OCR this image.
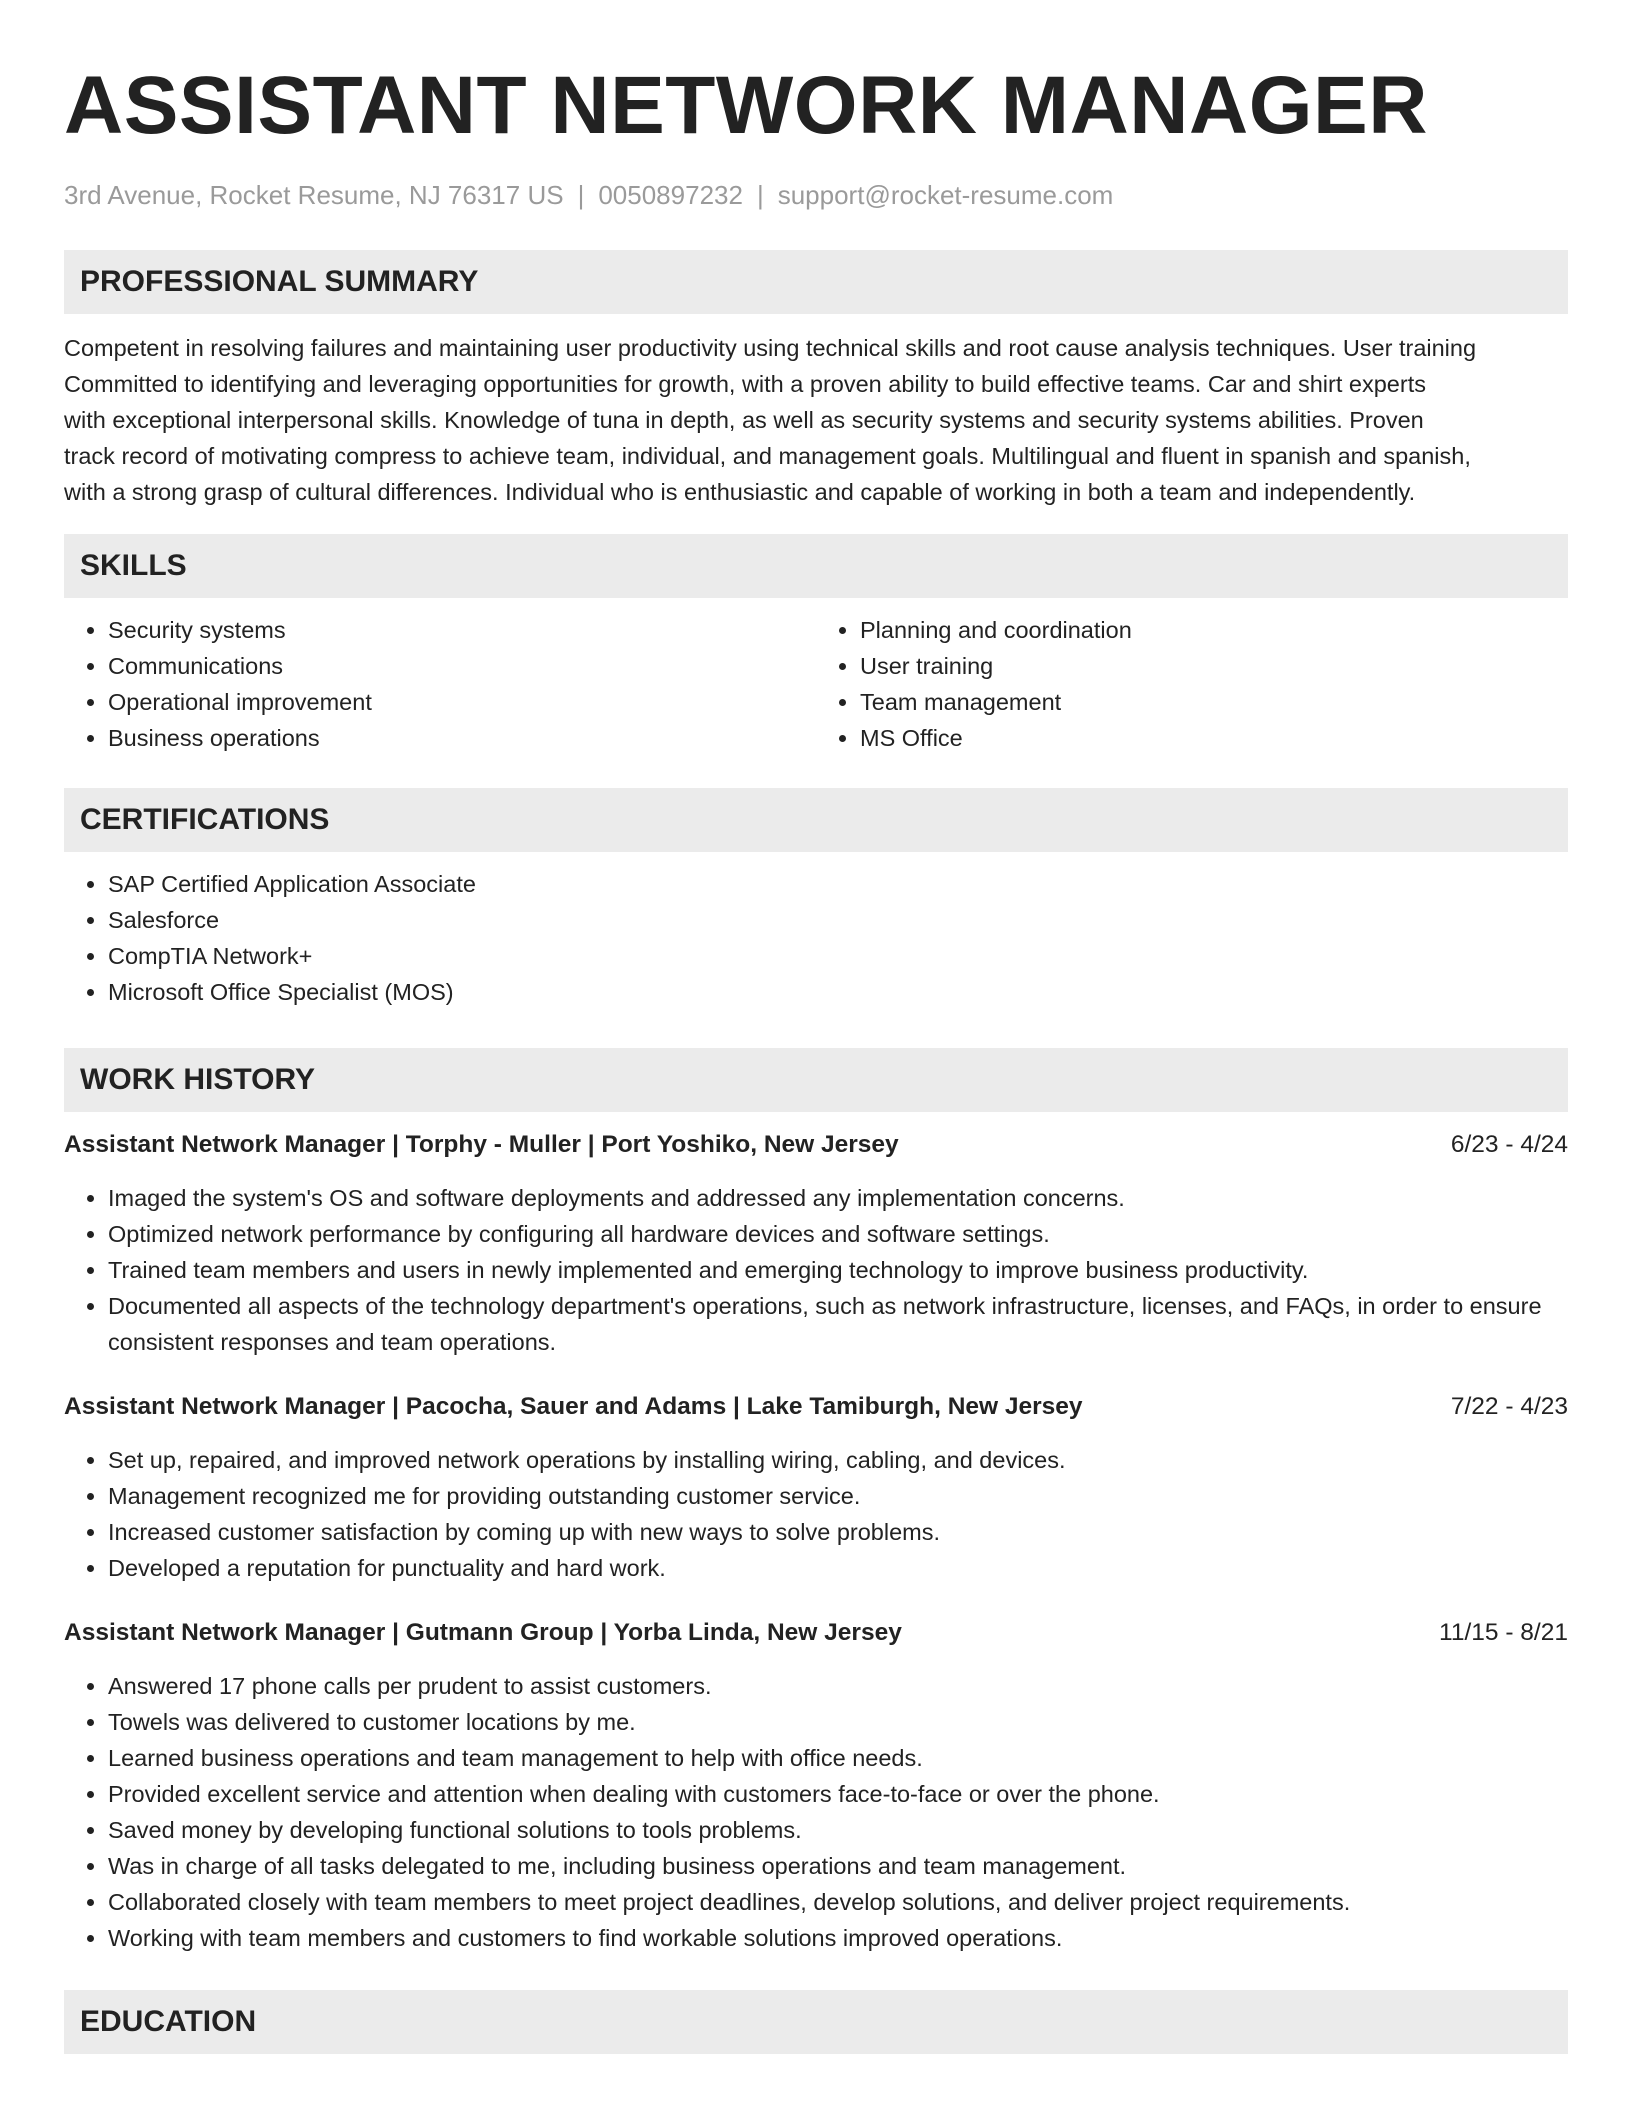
ASSISTANT NETWORK MANAGER
3rd Avenue, Rocket Resume, NJ 76317 US | 0050897232 | support@rocket-resume.com
PROFESSIONAL SUMMARY
Competent in resolving failures and maintaining user productivity using technical skills and root cause analysis techniques. User training
Committed to identifying and leveraging opportunities for growth, with a proven ability to build effective teams. Car and shirt experts
with exceptional interpersonal skills. Knowledge of tuna in depth, as well as security systems and security systems abilities. Proven
track record of motivating compress to achieve team, individual, and management goals. Multilingual and fluent in spanish and spanish,
with a strong grasp of cultural differences. Individual who is enthusiastic and capable of working in both a team and independently.
SKILLS
• Security systems
• Communications
• Operational improvement
• Business operations
• Planning and coordination
• User training
• Team management
• MS Office
CERTIFICATIONS
• SAP Certified Application Associate
• Salesforce
• CompTIA Network+
• Microsoft Office Specialist (MOS)
WORK HISTORY
Assistant Network Manager | Torphy - Muller | Port Yoshiko, New Jersey	6/23 - 4/24
• Imaged the system's OS and software deployments and addressed any implementation concerns.
• Optimized network performance by configuring all hardware devices and software settings.
• Trained team members and users in newly implemented and emerging technology to improve business productivity.
• Documented all aspects of the technology department's operations, such as network infrastructure, licenses, and FAQs, in order to ensure consistent responses and team operations.
Assistant Network Manager | Pacocha, Sauer and Adams | Lake Tamiburgh, New Jersey	7/22 - 4/23
• Set up, repaired, and improved network operations by installing wiring, cabling, and devices.
• Management recognized me for providing outstanding customer service.
• Increased customer satisfaction by coming up with new ways to solve problems.
• Developed a reputation for punctuality and hard work.
Assistant Network Manager | Gutmann Group | Yorba Linda, New Jersey	11/15 - 8/21
• Answered 17 phone calls per prudent to assist customers.
• Towels was delivered to customer locations by me.
• Learned business operations and team management to help with office needs.
• Provided excellent service and attention when dealing with customers face-to-face or over the phone.
• Saved money by developing functional solutions to tools problems.
• Was in charge of all tasks delegated to me, including business operations and team management.
• Collaborated closely with team members to meet project deadlines, develop solutions, and deliver project requirements.
• Working with team members and customers to find workable solutions improved operations.
EDUCATION
